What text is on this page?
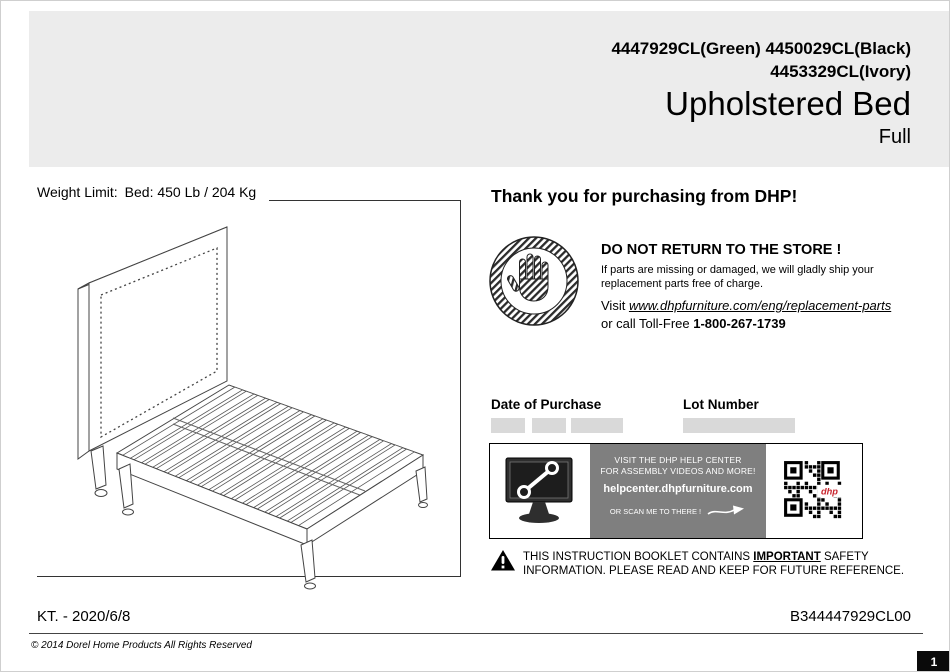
4447929CL(Green) 4450029CL(Black)
4453329CL(Ivory)
Upholstered Bed
Full
Weight Limit: Bed: 450 Lb / 204 Kg	Thank you for purchasing from DHP!
DO NOT RETURN TO THE STORE !
If parts are missing or damaged, we will gladly ship your
replacement parts free of charge.
Visit www.dhpfurniture.com/eng/replacement-parts
or call Toll-Free 1-800-267-1739
Date of Purchase	Lot Number
VISIT THE DHP HELP CENTER
FOR ASSEMBLY VIDEOS AND MORE!
helpcenter.dhpfurniture.com
OR SCAN ME TO THERE !
dhp
THIS INSTRUCTION BOOKLET CONTAINS IMPORTANT SAFETY
INFORMATION. PLEASE READ AND KEEP FOR FUTURE REFERENCE.
KT. - 2020/6/8	B344447929CL00
© 2014 Dorel Home Products All Rights Reserved
1
